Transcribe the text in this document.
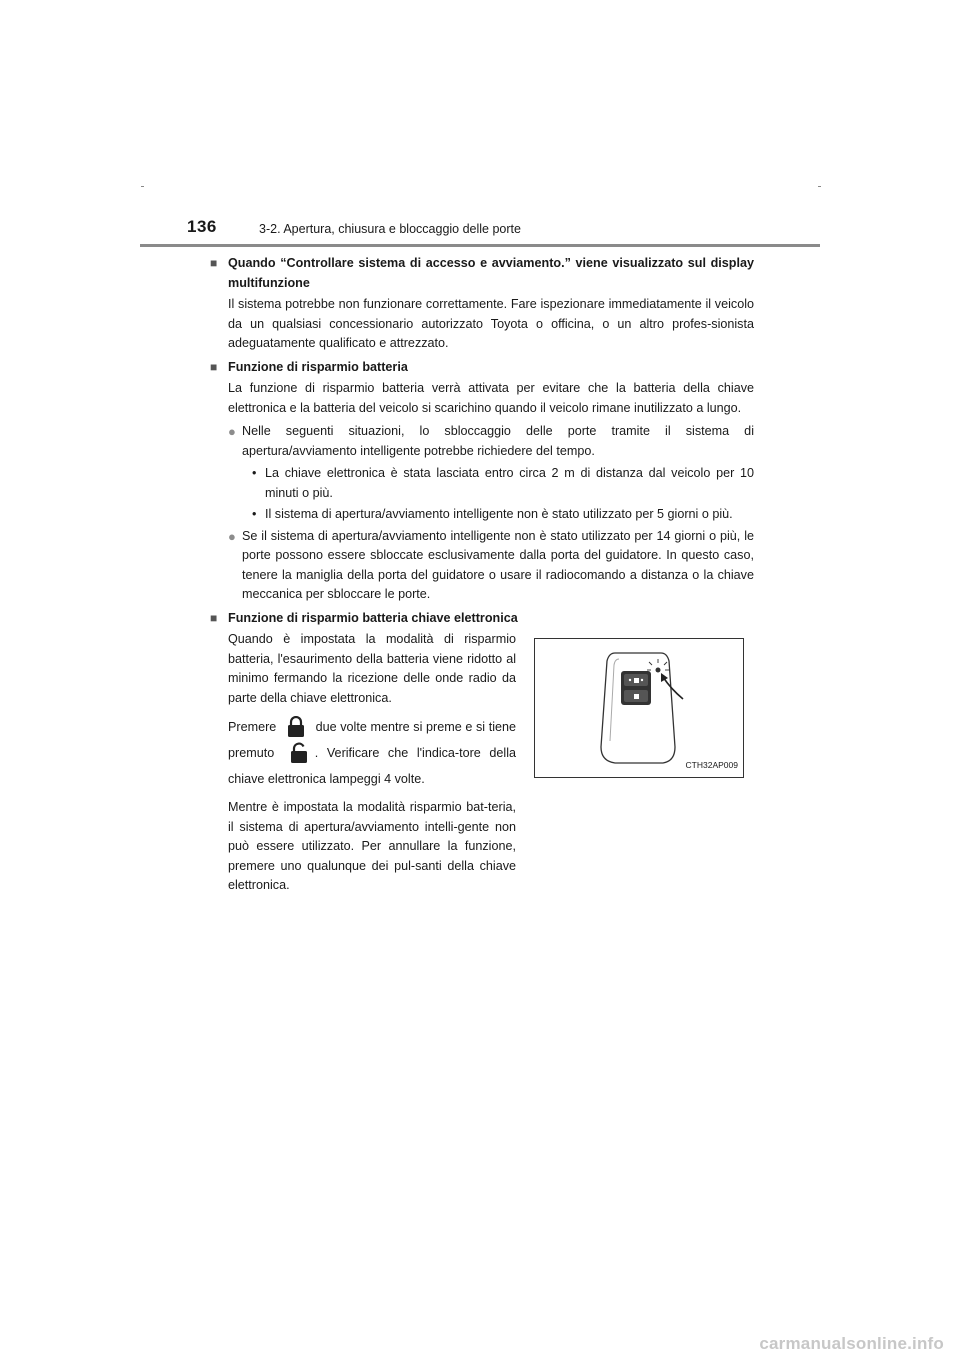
136	3-2. Apertura, chiusura e bloccaggio delle porte
■ Quando “Controllare sistema di accesso e avviamento.” viene visualizzato sul display multifunzione
Il sistema potrebbe non funzionare correttamente. Fare ispezionare immediatamente il veicolo da un qualsiasi concessionario autorizzato Toyota o officina, o un altro profes-sionista adeguatamente qualificato e attrezzato.
■ Funzione di risparmio batteria
La funzione di risparmio batteria verrà attivata per evitare che la batteria della chiave elettronica e la batteria del veicolo si scarichino quando il veicolo rimane inutilizzato a lungo.
● Nelle seguenti situazioni, lo sbloccaggio delle porte tramite il sistema di apertura/avviamento intelligente potrebbe richiedere del tempo.
• La chiave elettronica è stata lasciata entro circa 2 m di distanza dal veicolo per 10 minuti o più.
• Il sistema di apertura/avviamento intelligente non è stato utilizzato per 5 giorni o più.
● Se il sistema di apertura/avviamento intelligente non è stato utilizzato per 14 giorni o più, le porte possono essere sbloccate esclusivamente dalla porta del guidatore. In questo caso, tenere la maniglia della porta del guidatore o usare il radiocomando a distanza o la chiave meccanica per sbloccare le porte.
■ Funzione di risparmio batteria chiave elettronica

Quando è impostata la modalità di risparmio batteria, l'esaurimento della batteria viene ridotto al minimo fermando la ricezione delle onde radio da parte della chiave elettronica.

Premere	due volte mentre si preme e si tiene premuto	. Verificare che l'indica-tore della chiave elettronica lampeggi 4 volte.

Mentre è impostata la modalità risparmio bat-teria, il sistema di apertura/avviamento intelli-gente non può essere utilizzato. Per annullare la funzione, premere uno qualunque dei pul-santi della chiave elettronica.

CTH32AP009
carmanualsonline.info
